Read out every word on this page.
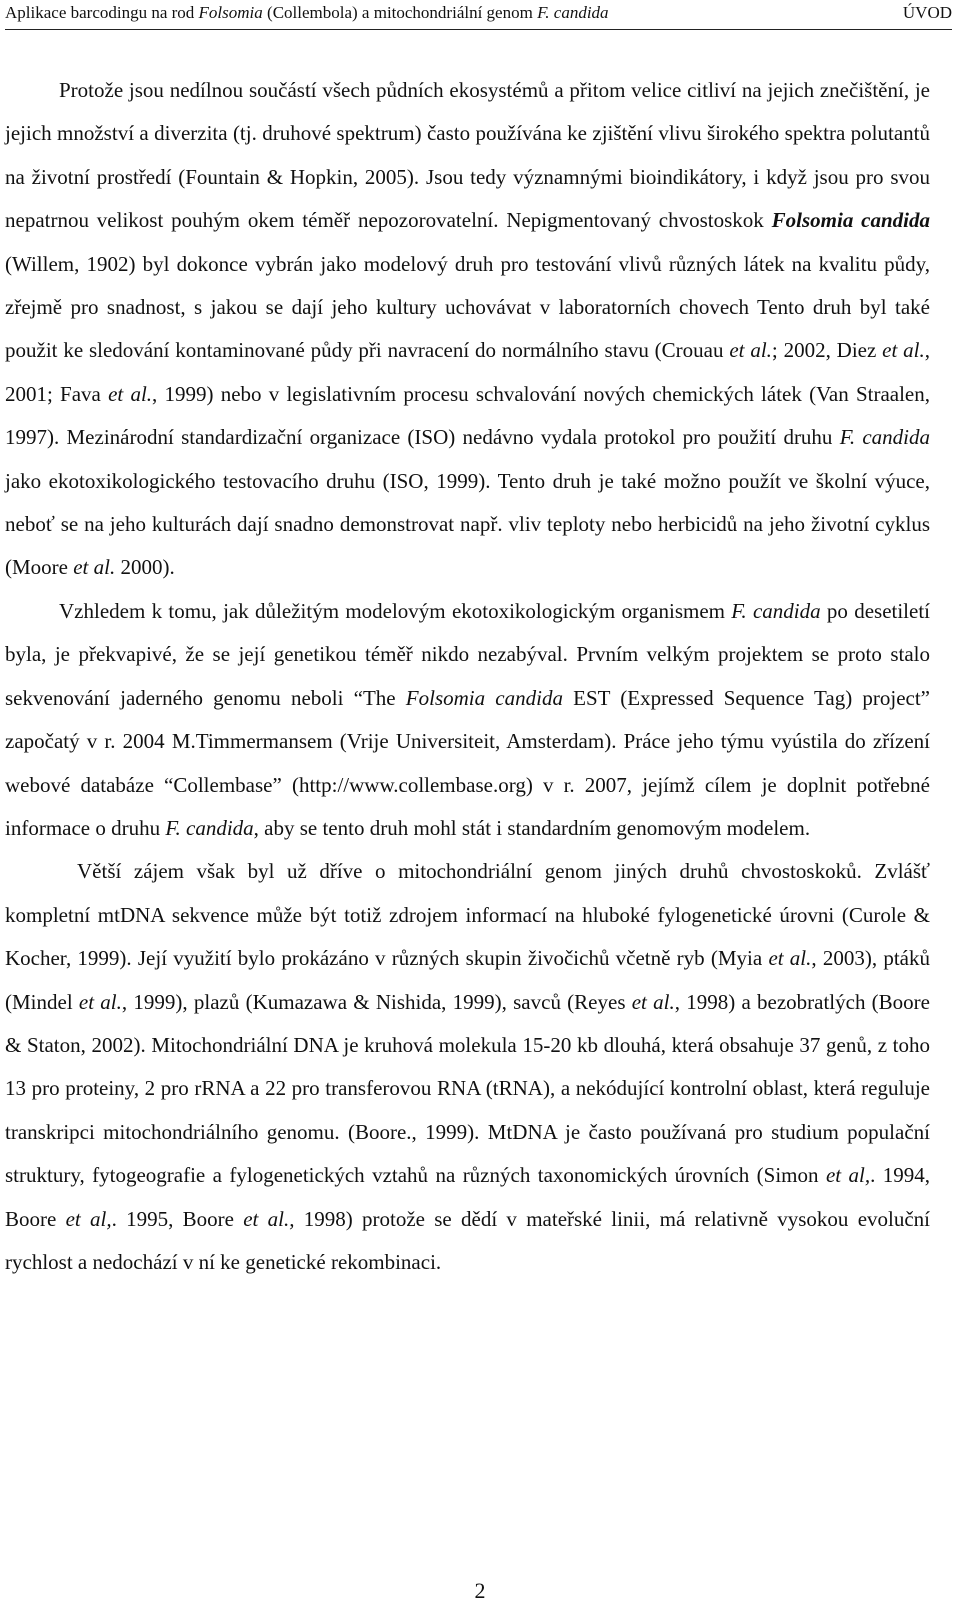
Aplikace barcodingu na rod Folsomia (Collembola) a mitochondriální genom F. candida	ÚVOD

Protože jsou nedílnou součástí všech půdních ekosystémů a přitom velice citliví na jejich znečištění, je jejich množství a diverzita (tj. druhové spektrum) často používána ke zjištění vlivu širokého spektra polutantů na životní prostředí (Fountain & Hopkin, 2005). Jsou tedy významnými bioindikátory, i když jsou pro svou nepatrnou velikost pouhým okem téměř nepozorovatelní. Nepigmentovaný chvostoskok Folsomia candida (Willem, 1902) byl dokonce vybrán jako modelový druh pro testování vlivů různých látek na kvalitu půdy, zřejmě pro snadnost, s jakou se dají jeho kultury uchovávat v laboratorních chovech Tento druh byl také použit ke sledování kontaminované půdy při navracení do normálního stavu (Crouau et al.; 2002, Diez et al., 2001; Fava et al., 1999) nebo v legislativním procesu schvalování nových chemických látek (Van Straalen, 1997). Mezinárodní standardizační organizace (ISO) nedávno vydala protokol pro použití druhu F. candida jako ekotoxikologického testovacího druhu (ISO, 1999). Tento druh je také možno použít ve školní výuce, neboť se na jeho kulturách dají snadno demonstrovat např. vliv teploty nebo herbicidů na jeho životní cyklus (Moore et al. 2000).

Vzhledem k tomu, jak důležitým modelovým ekotoxikologickým organismem F. candida po desetiletí byla, je překvapivé, že se její genetikou téměř nikdo nezabýval. Prvním velkým projektem se proto stalo sekvenování jaderného genomu neboli “The Folsomia candida EST (Expressed Sequence Tag) project” započatý v r. 2004 M.Timmermansem (Vrije Universiteit, Amsterdam). Práce jeho týmu vyústila do zřízení webové databáze “Collembase” (http://www.collembase.org) v r. 2007, jejímž cílem je doplnit potřebné informace o druhu F. candida, aby se tento druh mohl stát i standardním genomovým modelem.

Větší zájem však byl už dříve o mitochondriální genom jiných druhů chvostoskoků. Zvlášť kompletní mtDNA sekvence může být totiž zdrojem informací na hluboké fylogenetické úrovni (Curole & Kocher, 1999). Její využití bylo prokázáno v různých skupin živočichů včetně ryb (Myia et al., 2003), ptáků (Mindel et al., 1999), plazů (Kumazawa & Nishida, 1999), savců (Reyes et al., 1998) a bezobratlých (Boore & Staton, 2002). Mitochondriální DNA je kruhová molekula 15-20 kb dlouhá, která obsahuje 37 genů, z toho 13 pro proteiny, 2 pro rRNA a 22 pro transferovou RNA (tRNA), a nekódující kontrolní oblast, která reguluje transkripci mitochondriálního genomu. (Boore., 1999). MtDNA je často používaná pro studium populační struktury, fytogeografie a fylogenetických vztahů na různých taxonomických úrovních (Simon et al,. 1994, Boore et al,. 1995, Boore et al., 1998) protože se dědí v mateřské linii, má relativně vysokou evoluční rychlost a nedochází v ní ke genetické rekombinaci.

2
